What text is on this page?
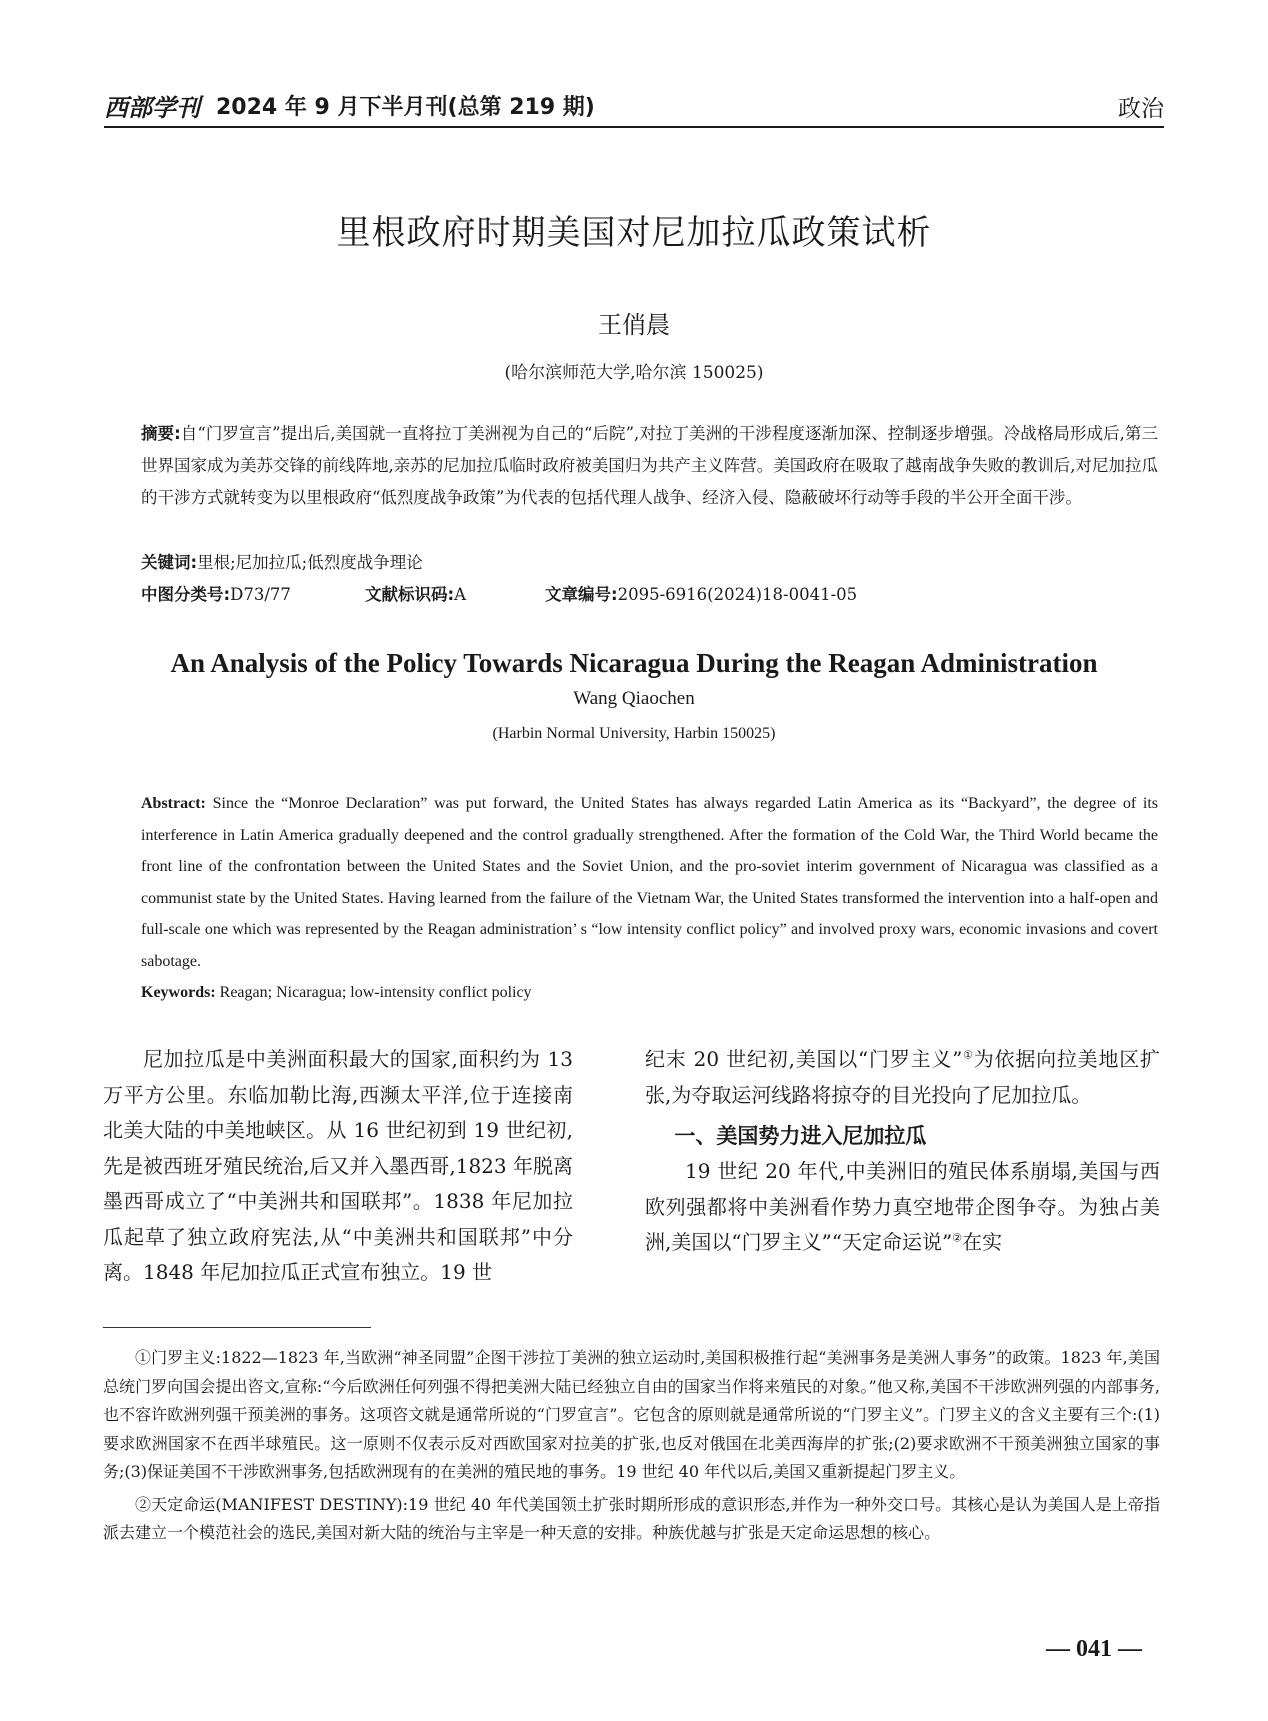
西部学刊 2024 年 9 月下半月刊(总第 219 期)	政治
里根政府时期美国对尼加拉瓜政策试析
王俏晨
(哈尔滨师范大学,哈尔滨 150025)
摘要:自“门罗宣言”提出后,美国就一直将拉丁美洲视为自己的“后院”,对拉丁美洲的干涉程度逐渐加深、控制逐步增强。冷战格局形成后,第三世界国家成为美苏交锋的前线阵地,亲苏的尼加拉瓜临时政府被美国归为共产主义阵营。美国政府在吸取了越南战争失败的教训后,对尼加拉瓜的干涉方式就转变为以里根政府“低烈度战争政策”为代表的包括代理人战争、经济入侵、隐蔽破坏行动等手段的半公开全面干涉。
关键词:里根;尼加拉瓜;低烈度战争理论
中图分类号:D73/77	文献标识码:A	文章编号:2095-6916(2024)18-0041-05
An Analysis of the Policy Towards Nicaragua During the Reagan Administration
Wang Qiaochen
(Harbin Normal University, Harbin 150025)
Abstract: Since the “Monroe Declaration” was put forward, the United States has always regarded Latin America as its “Backyard”, the degree of its interference in Latin America gradually deepened and the control gradually strengthened. After the formation of the Cold War, the Third World became the front line of the confrontation between the United States and the Soviet Union, and the pro-soviet interim government of Nicaragua was classified as a communist state by the United States. Having learned from the failure of the Vietnam War, the United States transformed the intervention into a half-open and full-scale one which was represented by the Reagan administration’ s “low intensity conflict policy” and involved proxy wars, economic invasions and covert sabotage.
Keywords: Reagan; Nicaragua; low-intensity conflict policy

尼加拉瓜是中美洲面积最大的国家,面积约为 13 万平方公里。东临加勒比海,西濒太平洋,位于连接南北美大陆的中美地峡区。从 16 世纪初到 19 世纪初,先是被西班牙殖民统治,后又并入墨西哥,1823 年脱离墨西哥成立了“中美洲共和国联邦”。1838 年尼加拉瓜起草了独立政府宪法,从“中美洲共和国联邦”中分离。1848 年尼加拉瓜正式宣布独立。19 世

纪末 20 世纪初,美国以“门罗主义”①为依据向拉美地区扩张,为夺取运河线路将掠夺的目光投向了尼加拉瓜。

一、美国势力进入尼加拉瓜

19 世纪 20 年代,中美洲旧的殖民体系崩塌,美国与西欧列强都将中美洲看作势力真空地带企图争夺。为独占美洲,美国以“门罗主义”“天定命运说”②在实

①门罗主义:1822—1823 年,当欧洲“神圣同盟”企图干涉拉丁美洲的独立运动时,美国积极推行起“美洲事务是美洲人事务”的政策。1823 年,美国总统门罗向国会提出咨文,宣称:“今后欧洲任何列强不得把美洲大陆已经独立自由的国家当作将来殖民的对象。”他又称,美国不干涉欧洲列强的内部事务,也不容许欧洲列强干预美洲的事务。这项咨文就是通常所说的“门罗宣言”。它包含的原则就是通常所说的“门罗主义”。门罗主义的含义主要有三个:(1)要求欧洲国家不在西半球殖民。这一原则不仅表示反对西欧国家对拉美的扩张,也反对俄国在北美西海岸的扩张;(2)要求欧洲不干预美洲独立国家的事务;(3)保证美国不干涉欧洲事务,包括欧洲现有的在美洲的殖民地的事务。19 世纪 40 年代以后,美国又重新提起门罗主义。

②天定命运(MANIFEST DESTINY):19 世纪 40 年代美国领土扩张时期所形成的意识形态,并作为一种外交口号。其核心是认为美国人是上帝指派去建立一个模范社会的选民,美国对新大陆的统治与主宰是一种天意的安排。种族优越与扩张是天定命运思想的核心。

— 041 —
